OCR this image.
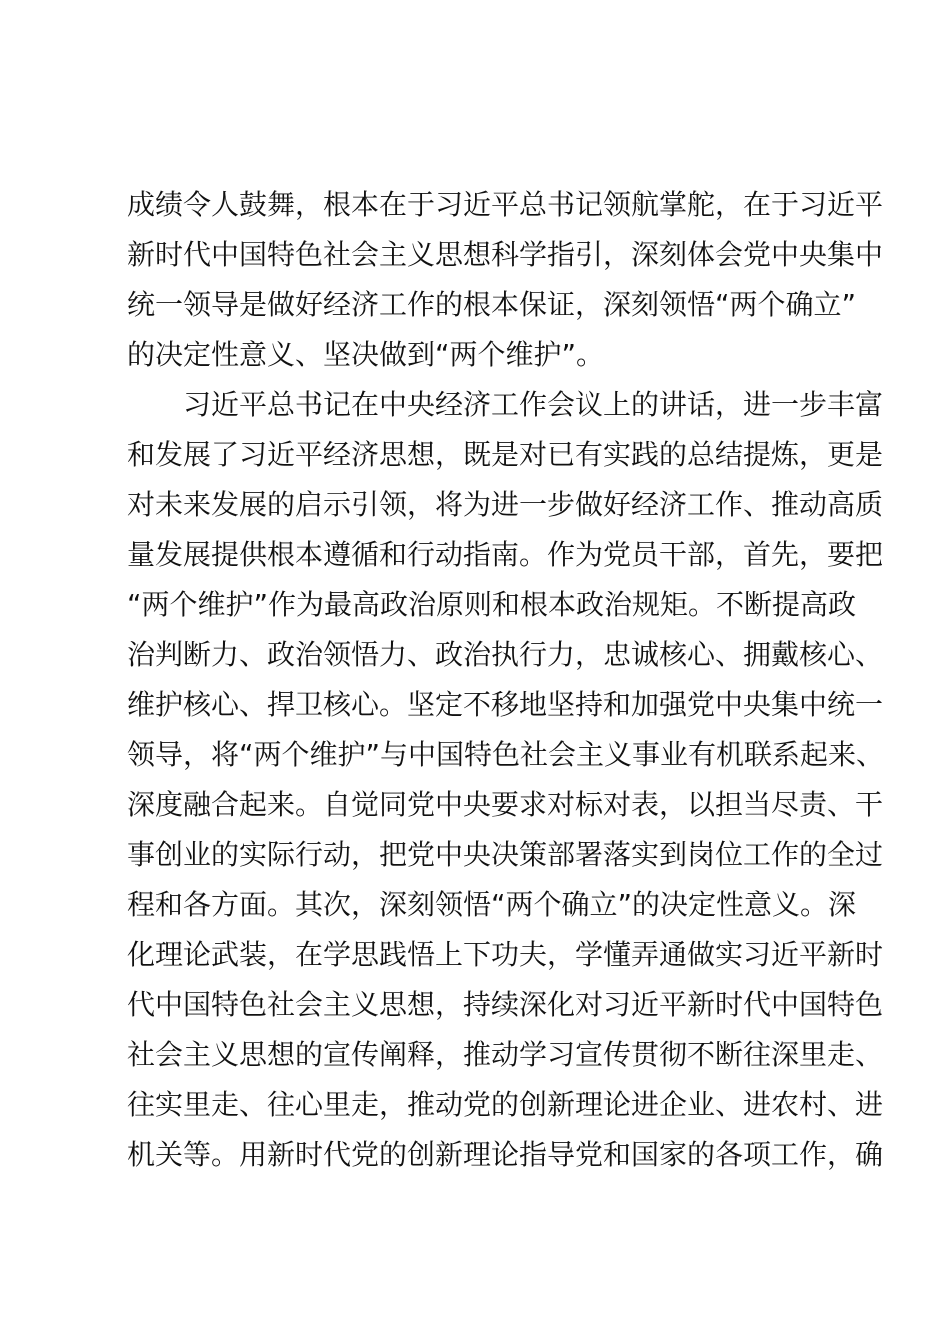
成绩令人鼓舞，根本在于习近平总书记领航掌舵，在于习近平
新时代中国特色社会主义思想科学指引，深刻体会党中央集中
统一领导是做好经济工作的根本保证，深刻领悟“两个确立”
的决定性意义、坚决做到“两个维护”。
　　习近平总书记在中央经济工作会议上的讲话，进一步丰富
和发展了习近平经济思想，既是对已有实践的总结提炼，更是
对未来发展的启示引领，将为进一步做好经济工作、推动高质
量发展提供根本遵循和行动指南。作为党员干部，首先，要把
“两个维护”作为最高政治原则和根本政治规矩。不断提高政
治判断力、政治领悟力、政治执行力，忠诚核心、拥戴核心、
维护核心、捍卫核心。坚定不移地坚持和加强党中央集中统一
领导，将“两个维护”与中国特色社会主义事业有机联系起来、
深度融合起来。自觉同党中央要求对标对表，以担当尽责、干
事创业的实际行动，把党中央决策部署落实到岗位工作的全过
程和各方面。其次，深刻领悟“两个确立”的决定性意义。深
化理论武装，在学思践悟上下功夫，学懂弄通做实习近平新时
代中国特色社会主义思想，持续深化对习近平新时代中国特色
社会主义思想的宣传阐释，推动学习宣传贯彻不断往深里走、
往实里走、往心里走，推动党的创新理论进企业、进农村、进
机关等。用新时代党的创新理论指导党和国家的各项工作，确
